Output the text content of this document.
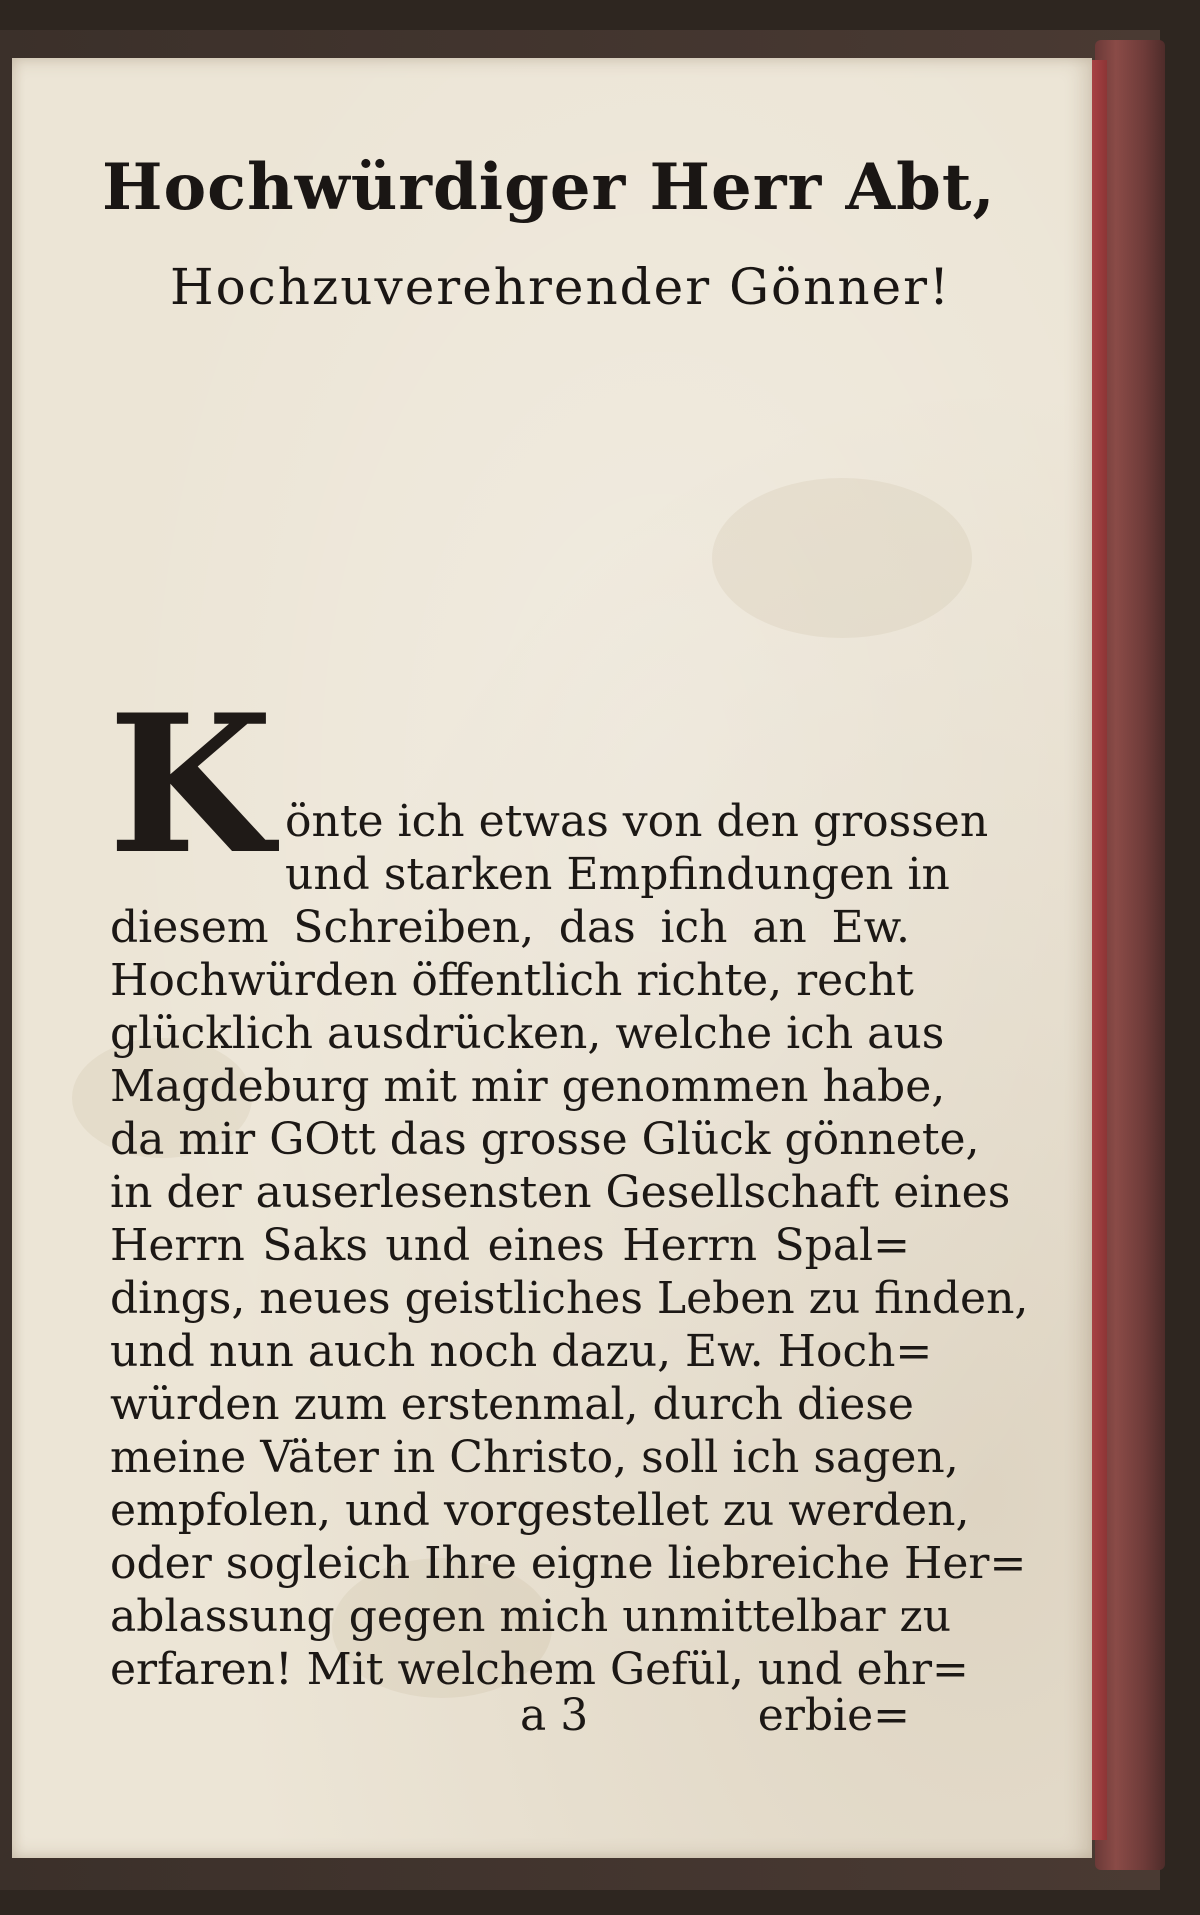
Hochwürdiger Herr Abt,
Hochzuverehrender Gönner!
K önte ich etwas von den grossen
und starken Empfindungen in
diesem Schreiben, das ich an Ew.
Hochwürden öffentlich richte, recht
glücklich ausdrücken, welche ich aus
Magdeburg mit mir genommen habe,
da mir GOtt das grosse Glück gönnete,
in der auserlesensten Gesellschaft eines
Herrn Saks und eines Herrn Spal=
dings, neues geistliches Leben zu finden,
und nun auch noch dazu, Ew. Hoch=
würden zum erstenmal, durch diese
meine Väter in Christo, soll ich sagen,
empfolen, und vorgestellet zu werden,
oder sogleich Ihre eigne liebreiche Her=
ablassung gegen mich unmittelbar zu
erfaren! Mit welchem Gefül, und ehr=
a 3	erbie=
